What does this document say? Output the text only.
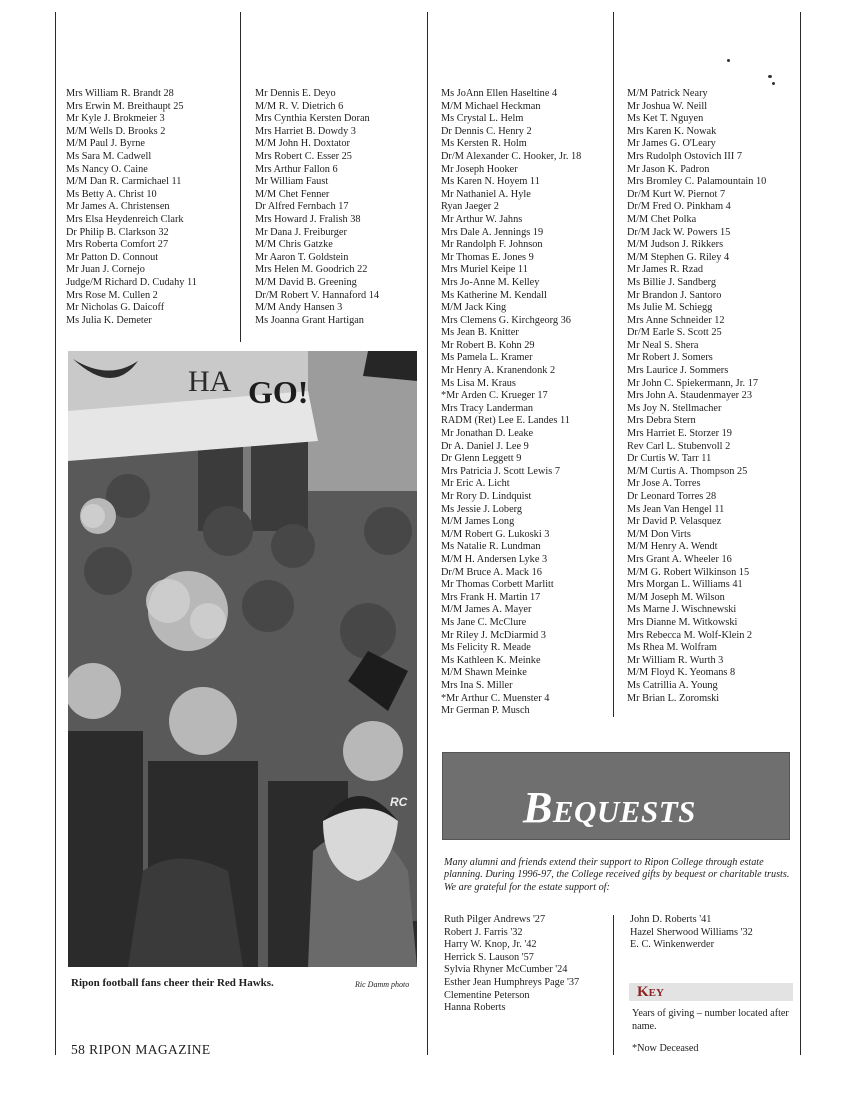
Mrs William R. Brandt 28
Mrs Erwin M. Breithaupt 25
Mr Kyle J. Brokmeier 3
M/M Wells D. Brooks 2
M/M Paul J. Byrne
Ms Sara M. Cadwell
Ms Nancy O. Caine
M/M Dan R. Carmichael 11
Ms Betty A. Christ 10
Mr James A. Christensen
Mrs Elsa Heydenreich Clark
Dr Philip B. Clarkson 32
Mrs Roberta Comfort 27
Mr Patton D. Connout
Mr Juan J. Cornejo
Judge/M Richard D. Cudahy 11
Mrs Rose M. Cullen 2
Mr Nicholas G. Daicoff
Ms Julia K. Demeter
Mr Dennis E. Deyo
M/M R. V. Dietrich 6
Mrs Cynthia Kersten Doran
Mrs Harriet B. Dowdy 3
M/M John H. Doxtator
Mrs Robert C. Esser 25
Mrs Arthur Fallon 6
Mr William Faust
M/M Chet Fenner
Dr Alfred Fernbach 17
Mrs Howard J. Fralish 38
Mr Dana J. Freiburger
M/M Chris Gatzke
Mr Aaron T. Goldstein
Mrs Helen M. Goodrich 22
M/M David B. Greening
Dr/M Robert V. Hannaford 14
M/M Andy Hansen 3
Ms Joanna Grant Hartigan
Ms JoAnn Ellen Haseltine 4
M/M Michael Heckman
Ms Crystal L. Helm
Dr Dennis C. Henry 2
Ms Kersten R. Holm
Dr/M Alexander C. Hooker, Jr. 18
Mr Joseph Hooker
Ms Karen N. Hoyem 11
Mr Nathaniel A. Hyle
Ryan Jaeger 2
Mr Arthur W. Jahns
Mrs Dale A. Jennings 19
Mr Randolph F. Johnson
Mr Thomas E. Jones 9
Mrs Muriel Keipe 11
Mrs Jo-Anne M. Kelley
Ms Katherine M. Kendall
M/M Jack King
Mrs Clemens G. Kirchgeorg 36
Ms Jean B. Knitter
Mr Robert B. Kohn 29
Ms Pamela L. Kramer
Mr Henry A. Kranendonk 2
Ms Lisa M. Kraus
*Mr Arden C. Krueger 17
Mrs Tracy Landerman
RADM (Ret) Lee E. Landes 11
Mr Jonathan D. Leake
Dr A. Daniel J. Lee 9
Dr Glenn Leggett 9
Mrs Patricia J. Scott Lewis 7
Mr Eric A. Licht
Mr Rory D. Lindquist
Ms Jessie J. Loberg
M/M James Long
M/M Robert G. Lukoski 3
Ms Natalie R. Lundman
M/M H. Andersen Lyke 3
Dr/M Bruce A. Mack 16
Mr Thomas Corbett Marlitt
Mrs Frank H. Martin 17
M/M James A. Mayer
Ms Jane C. McClure
Mr Riley J. McDiarmid 3
Ms Felicity R. Meade
Ms Kathleen K. Meinke
M/M Shawn Meinke
Mrs Ina S. Miller
*Mr Arthur C. Muenster 4
Mr German P. Musch
M/M Patrick Neary
Mr Joshua W. Neill
Ms Ket T. Nguyen
Mrs Karen K. Nowak
Mr James G. O'Leary
Mrs Rudolph Ostovich III 7
Mr Jason K. Padron
Mrs Bromley C. Palamountain 10
Dr/M Kurt W. Piernot 7
Dr/M Fred O. Pinkham 4
M/M Chet Polka
Dr/M Jack W. Powers 15
M/M Judson J. Rikkers
M/M Stephen G. Riley 4
Mr James R. Rzad
Ms Billie J. Sandberg
Mr Brandon J. Santoro
Ms Julie M. Schiegg
Mrs Anne Schneider 12
Dr/M Earle S. Scott 25
Mr Neal S. Shera
Mr Robert J. Somers
Mrs Laurice J. Sommers
Mr John C. Spiekermann, Jr. 17
Mrs John A. Staudenmayer 23
Ms Joy N. Stellmacher
Mrs Debra Stern
Mrs Harriet E. Storzer 19
Rev Carl L. Stubenvoll 2
Dr Curtis W. Tarr 11
M/M Curtis A. Thompson 25
Mr Jose A. Torres
Dr Leonard Torres 28
Ms Jean Van Hengel 11
Mr David P. Velasquez
M/M Don Virts
M/M Henry A. Wendt
Mrs Grant A. Wheeler 16
M/M G. Robert Wilkinson 15
Mrs Morgan L. Williams 41
M/M Joseph M. Wilson
Ms Marne J. Wischnewski
Mrs Dianne M. Witkowski
Mrs Rebecca M. Wolf-Klein 2
Ms Rhea M. Wolfram
Mr William R. Wurth 3
M/M Floyd K. Yeomans 8
Ms Catrillia A. Young
Mr Brian L. Zoromski
HA GO!
RC
Ripon football fans cheer their Red Hawks.	Ric Damm photo
Bequests

Many alumni and friends extend their support to Ripon College through estate planning. During 1996-97, the College received gifts by bequest or charitable trusts. We are grateful for the estate support of:

Ruth Pilger Andrews '27
Robert J. Farris '32
Harry W. Knop, Jr. '42
Herrick S. Lauson '57
Sylvia Rhyner McCumber '24
Esther Jean Humphreys Page '37
Clementine Peterson
Hanna Roberts
John D. Roberts '41
Hazel Sherwood Williams '32
E. C. Winkenwerder
Key

Years of giving – number located after name.

*Now Deceased

58 RIPON MAGAZINE
